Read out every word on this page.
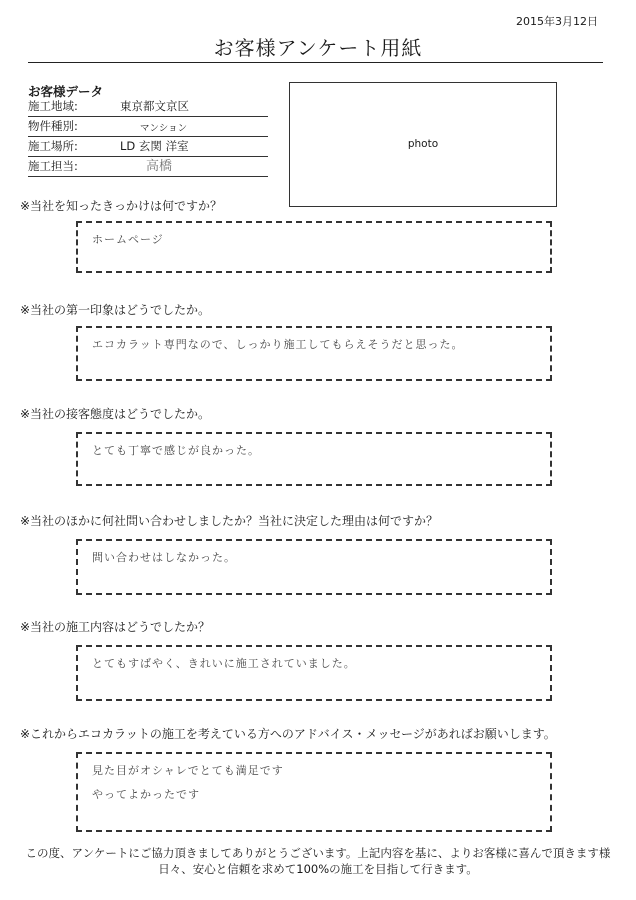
2015年3月12日
お客様アンケート用紙
お客様データ
施工地域:	東京都文京区
物件種別:	マンション
施工場所:	LD 玄関 洋室
施工担当:	高橋
photo
※当社を知ったきっかけは何ですか？
ホームページ
※当社の第一印象はどうでしたか。
エコカラット専門なので、しっかり施工してもらえそうだと思った。
※当社の接客態度はどうでしたか。
とても丁寧で感じが良かった。
※当社のほかに何社問い合わせしましたか？当社に決定した理由は何ですか？
問い合わせはしなかった。
※当社の施工内容はどうでしたか？
とてもすばやく、きれいに施工されていました。
※これからエコカラットの施工を考えている方へのアドバイス・メッセージがあればお願いします。
見た目がオシャレでとても満足です
やってよかったです
この度、アンケートにご協力頂きましてありがとうございます。上記内容を基に、よりお客様に喜んで頂きます様
日々、安心と信頼を求めて100%の施工を目指して行きます。
